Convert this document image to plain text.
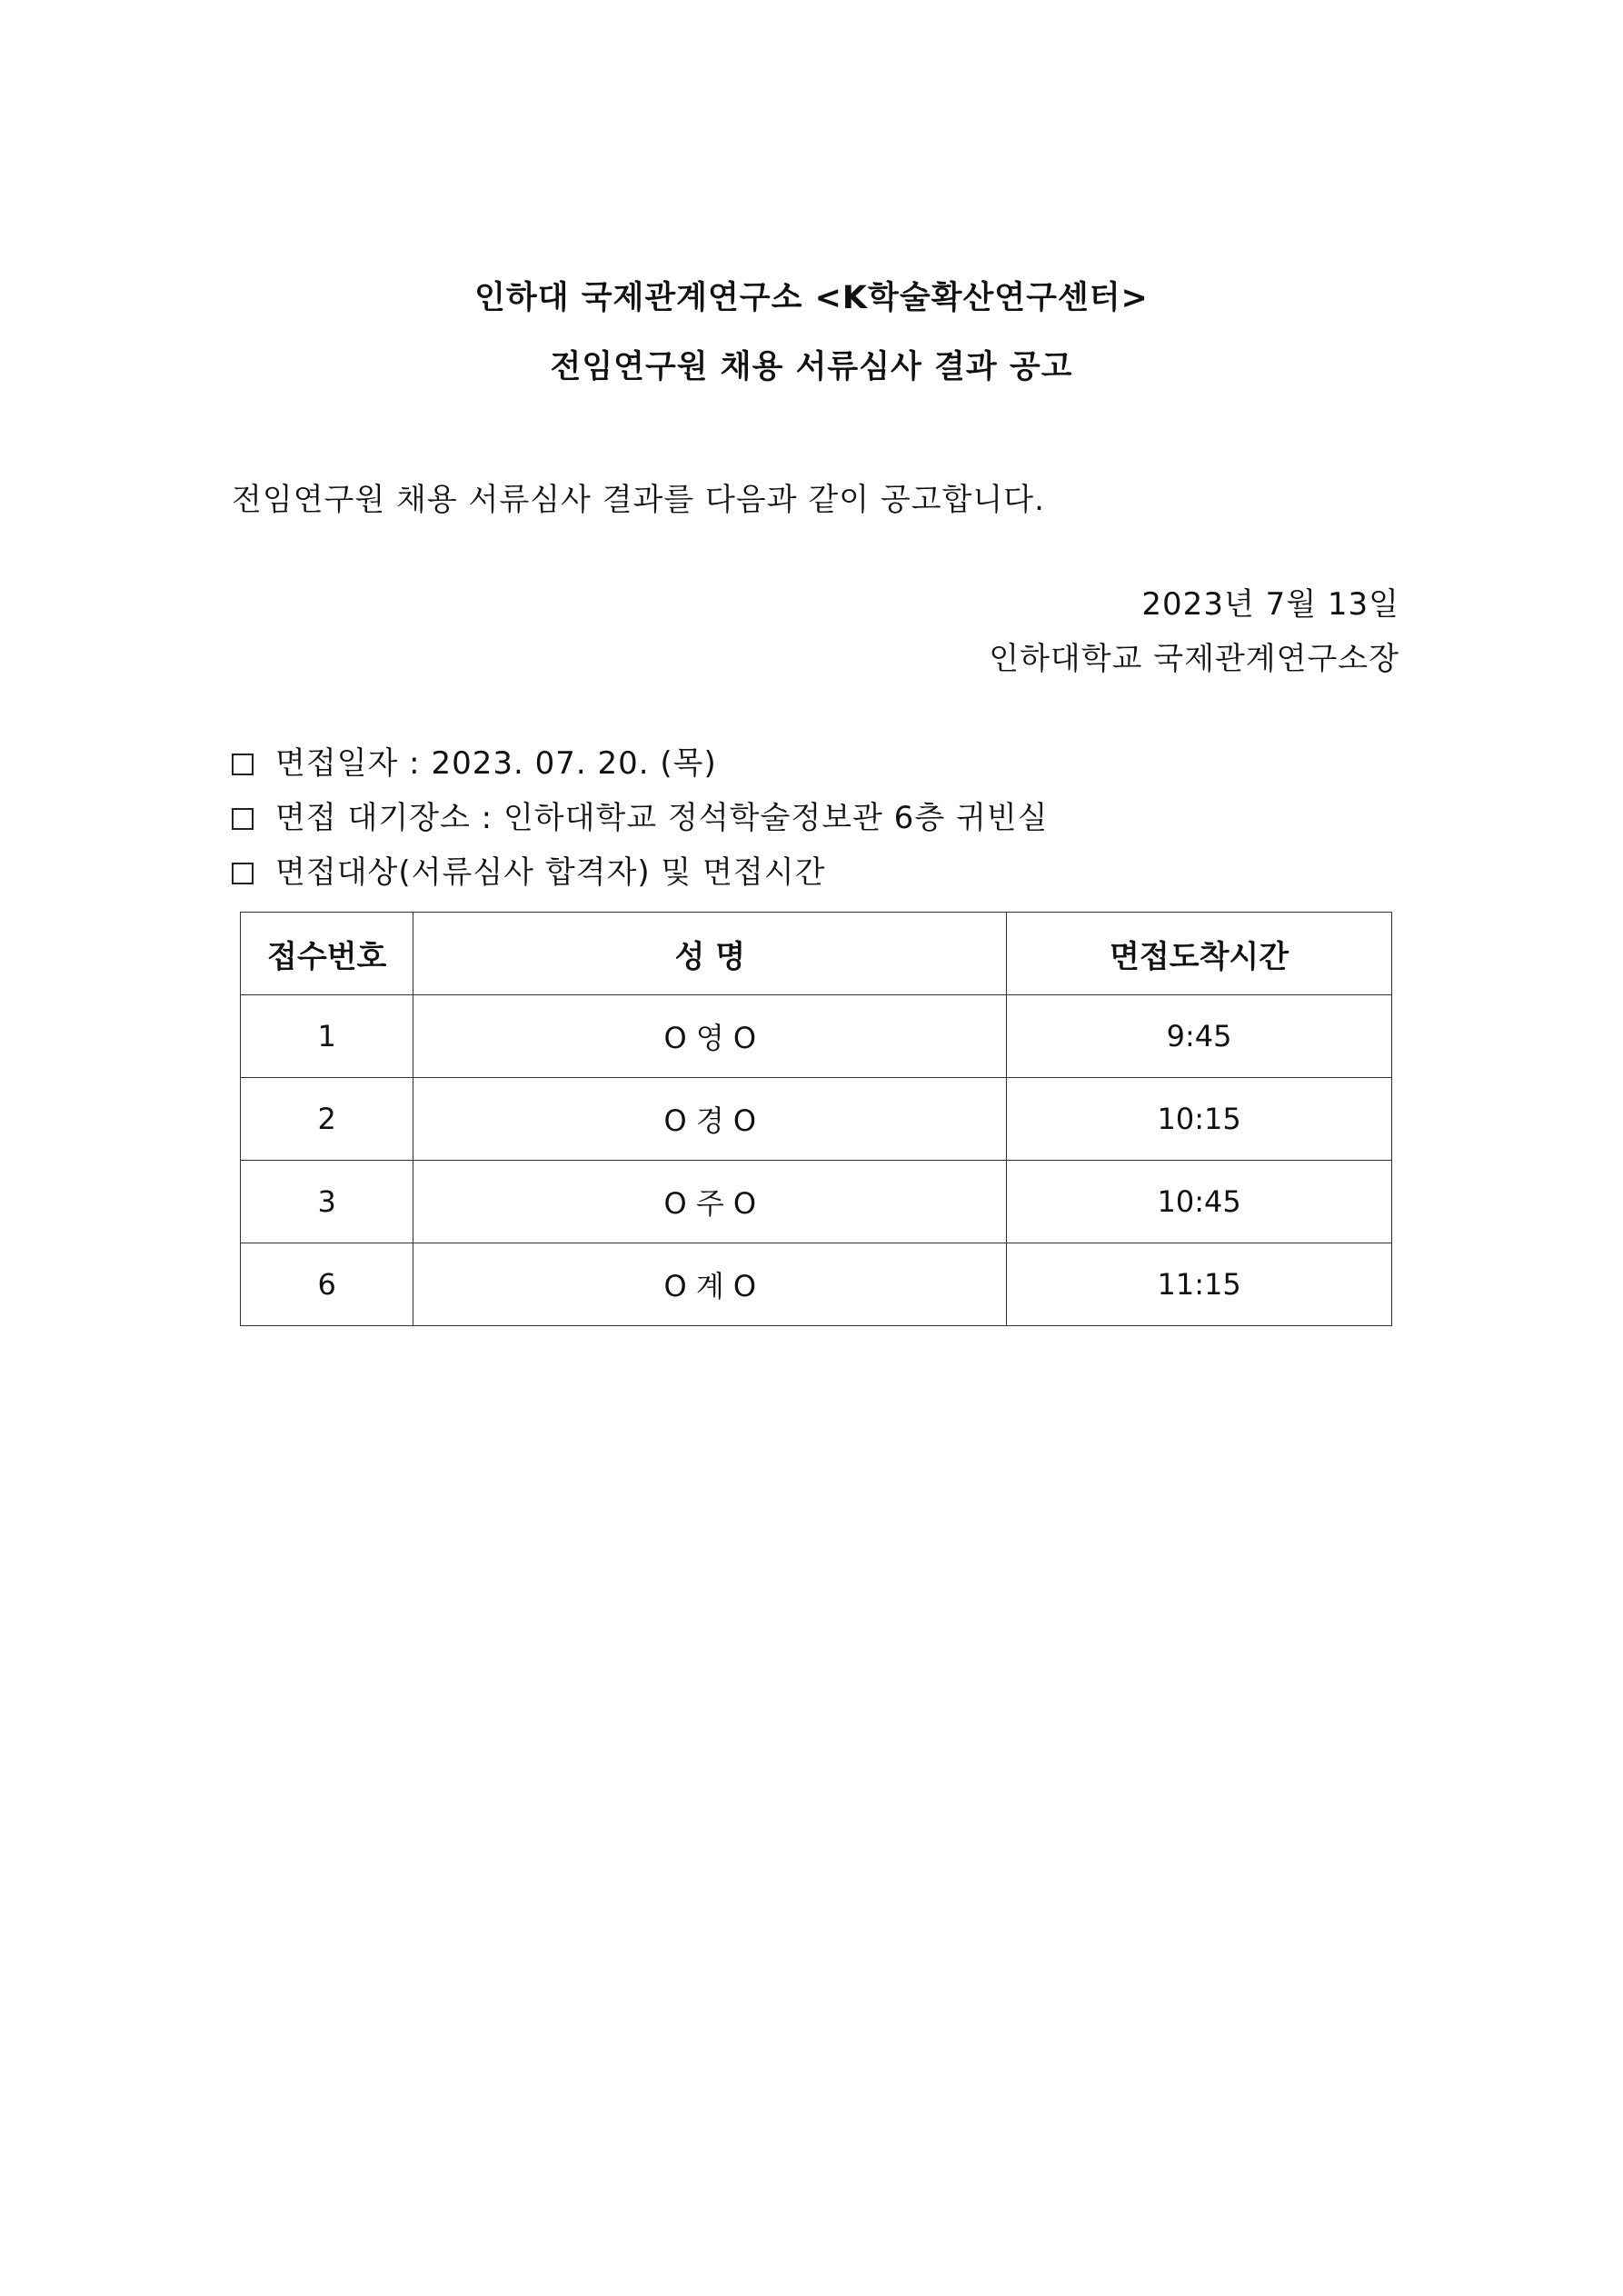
인하대 국제관계연구소 <K학술확산연구센터>
전임연구원 채용 서류심사 결과 공고
전임연구원 채용 서류심사 결과를 다음과 같이 공고합니다.
2023년 7월 13일
인하대학교 국제관계연구소장
면접일자 : 2023. 07. 20. (목)
면접 대기장소 : 인하대학교 정석학술정보관 6층 귀빈실
면접대상(서류심사 합격자) 및 면접시간
접수번호	성 명	면접도착시간
1	O 영 O	9:45
2	O 경 O	10:15
3	O 주 O	10:45
6	O 계 O	11:15
